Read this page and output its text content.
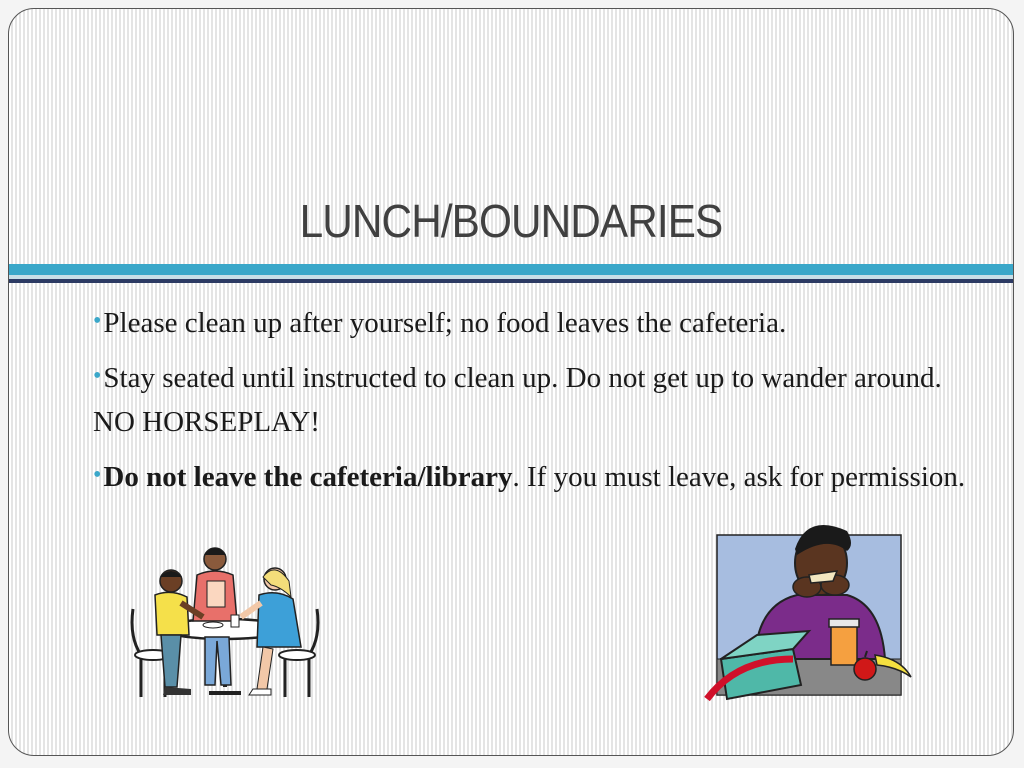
LUNCH/BOUNDARIES

•Please clean up after yourself; no food leaves the cafeteria.

•Stay seated until instructed to clean up. Do not get up to wander around. NO HORSEPLAY!

•Do not leave the cafeteria/library. If you must leave, ask for permission.
